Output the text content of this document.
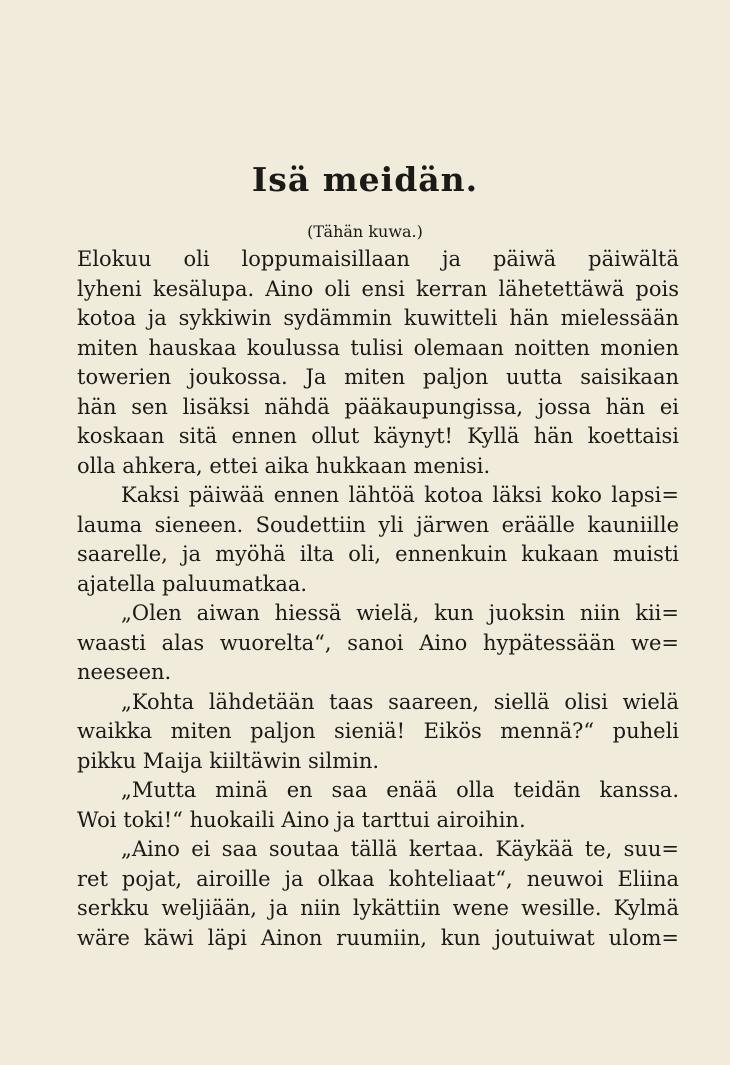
Isä meidän.
(Tähän kuwa.)
Elokuu oli loppumaisillaan ja päiwä päiwältä
lyheni kesälupa. Aino oli ensi kerran lähetettäwä pois
kotoa ja sykkiwin sydämmin kuwitteli hän mielessään
miten hauskaa koulussa tulisi olemaan noitten monien
towerien joukossa. Ja miten paljon uutta saisikaan
hän sen lisäksi nähdä pääkaupungissa, jossa hän ei
koskaan sitä ennen ollut käynyt! Kyllä hän koettaisi
olla ahkera, ettei aika hukkaan menisi.
Kaksi päiwää ennen lähtöä kotoa läksi koko lapsi=
lauma sieneen. Soudettiin yli järwen eräälle kauniille
saarelle, ja myöhä ilta oli, ennenkuin kukaan muisti
ajatella paluumatkaa.
„Olen aiwan hiessä wielä, kun juoksin niin kii=
waasti alas wuorelta“, sanoi Aino hypätessään we=
neeseen.
„Kohta lähdetään taas saareen, siellä olisi wielä
waikka miten paljon sieniä! Eikös mennä?“ puheli
pikku Maija kiiltäwin silmin.
„Mutta minä en saa enää olla teidän kanssa.
Woi toki!“ huokaili Aino ja tarttui airoihin.
„Aino ei saa soutaa tällä kertaa. Käykää te, suu=
ret pojat, airoille ja olkaa kohteliaat“, neuwoi Eliina
serkku weljiään, ja niin lykättiin wene wesille. Kylmä
wäre käwi läpi Ainon ruumiin, kun joutuiwat ulom=
